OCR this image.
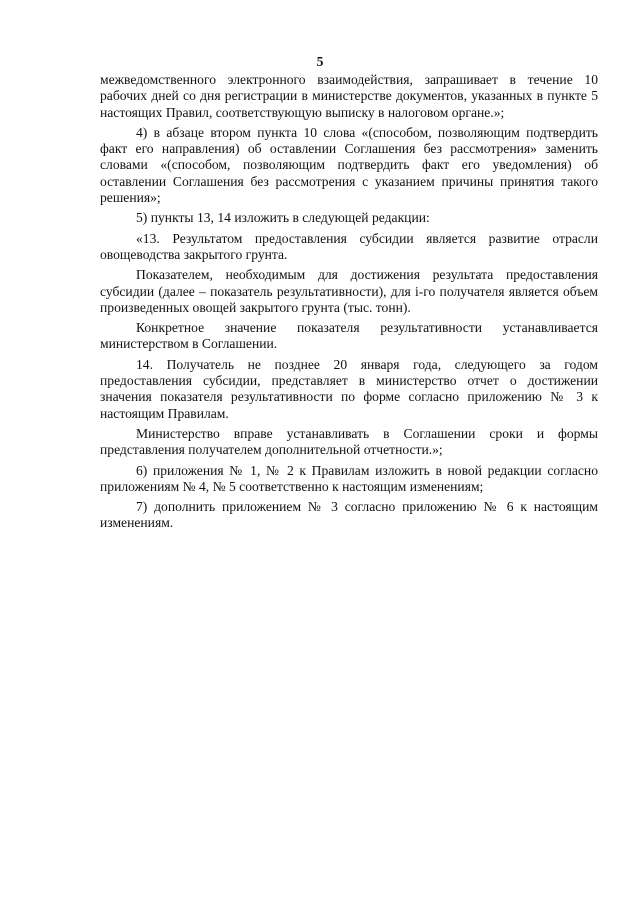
5

межведомственного электронного взаимодействия, запрашивает в течение 10 рабочих дней со дня регистрации в министерстве документов, указанных в пункте 5 настоящих Правил, соответствующую выписку в налоговом органе.»;

4) в абзаце втором пункта 10 слова «(способом, позволяющим подтвердить факт его направления) об оставлении Соглашения без рассмотрения» заменить словами «(способом, позволяющим подтвердить факт его уведомления) об оставлении Соглашения без рассмотрения с указанием причины принятия такого решения»;

5) пункты 13, 14 изложить в следующей редакции:

«13. Результатом предоставления субсидии является развитие отрасли овощеводства закрытого грунта.

Показателем, необходимым для достижения результата предоставления субсидии (далее – показатель результативности), для i-го получателя является объем произведенных овощей закрытого грунта (тыс. тонн).

Конкретное значение показателя результативности устанавливается министерством в Соглашении.

14. Получатель не позднее 20 января года, следующего за годом предоставления субсидии, представляет в министерство отчет о достижении значения показателя результативности по форме согласно приложению № 3 к настоящим Правилам.

Министерство вправе устанавливать в Соглашении сроки и формы представления получателем дополнительной отчетности.»;

6) приложения № 1, № 2 к Правилам изложить в новой редакции согласно приложениям № 4, № 5 соответственно к настоящим изменениям;

7) дополнить приложением № 3 согласно приложению № 6 к настоящим изменениям.
